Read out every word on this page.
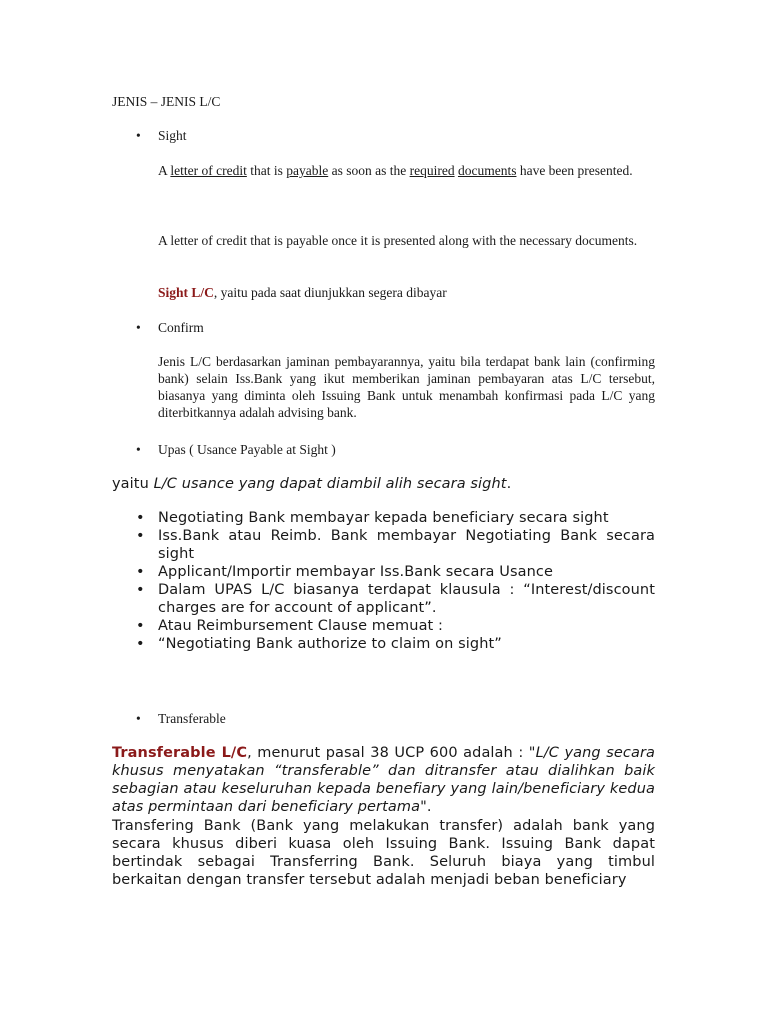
JENIS – JENIS L/C
• Sight
A letter of credit that is payable as soon as the required documents have been presented.
A letter of credit that is payable once it is presented along with the necessary documents.
Sight L/C, yaitu pada saat diunjukkan segera dibayar
• Confirm
Jenis L/C berdasarkan jaminan pembayarannya, yaitu bila terdapat bank lain (confirming bank) selain Iss.Bank yang ikut memberikan jaminan pembayaran atas L/C tersebut, biasanya yang diminta oleh Issuing Bank untuk menambah konfirmasi pada L/C yang diterbitkannya adalah advising bank.
• Upas ( Usance Payable at Sight )
yaitu L/C usance yang dapat diambil alih secara sight.
• Negotiating Bank membayar kepada beneficiary secara sight
• Iss.Bank atau Reimb. Bank membayar Negotiating Bank secara sight
• Applicant/Importir membayar Iss.Bank secara Usance
• Dalam UPAS L/C biasanya terdapat klausula : “Interest/discount charges are for account of applicant”.
• Atau Reimbursement Clause memuat :
• “Negotiating Bank authorize to claim on sight”
• Transferable
Transferable L/C, menurut pasal 38 UCP 600 adalah : "L/C yang secara khusus menyatakan “transferable” dan ditransfer atau dialihkan baik sebagian atau keseluruhan kepada benefiary yang lain/beneficiary kedua atas permintaan dari beneficiary pertama".
Transfering Bank (Bank yang melakukan transfer) adalah bank yang secara khusus diberi kuasa oleh Issuing Bank. Issuing Bank dapat bertindak sebagai Transferring Bank. Seluruh biaya yang timbul berkaitan dengan transfer tersebut adalah menjadi beban beneficiary
